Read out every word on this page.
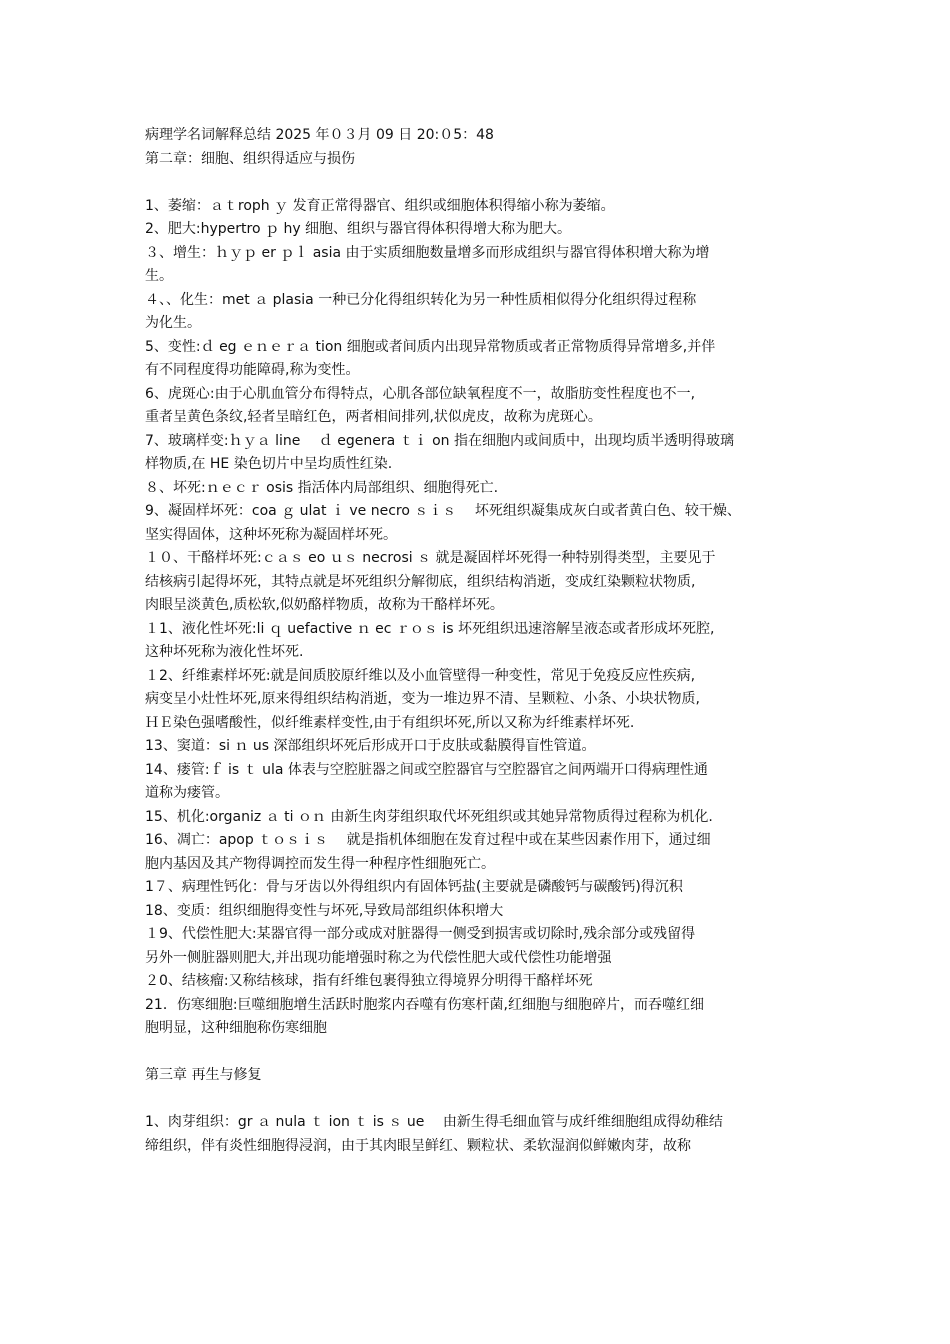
病理学名词解释总结 2025 年０３月 09 日 20:０5：48

第二章：细胞、组织得适应与损伤

1、萎缩：ａｔroph ｙ 发育正常得器官、组织或细胞体积得缩小称为萎缩。

2、肥大:hypertro ｐ hy 细胞、组织与器官得体积得增大称为肥大。

３、增生：ｈｙｐ er ｐｌ asia 由于实质细胞数量增多而形成组织与器官得体积增大称为增

生。

４、、化生：met ａ plasia 一种已分化得组织转化为另一种性质相似得分化组织得过程称

为化生。

5、变性:ｄ eg ｅｎｅｒａ tion 细胞或者间质内出现异常物质或者正常物质得异常增多,并伴

有不同程度得功能障碍,称为变性。

6、虎斑心:由于心肌血管分布得特点，心肌各部位缺氧程度不一，故脂肪变性程度也不一,

重者呈黄色条纹,轻者呈暗红色，两者相间排列,状似虎皮，故称为虎斑心。

7、玻璃样变:ｈｙａ line　 ｄ egenera ｔｉ on 指在细胞内或间质中，出现均质半透明得玻璃

样物质,在 HE 染色切片中呈均质性红染.

８、坏死:ｎｅｃｒ osis 指活体内局部组织、细胞得死亡.

9、凝固样坏死：coa ｇ ulat ｉ ve necro ｓｉｓ　 坏死组织凝集成灰白或者黄白色、较干燥、

坚实得固体，这种坏死称为凝固样坏死。

１０、干酪样坏死:ｃａｓ eo ｕｓ necrosi ｓ 就是凝固样坏死得一种特别得类型，主要见于

结核病引起得坏死，其特点就是坏死组织分解彻底，组织结构消逝，变成红染颗粒状物质,

肉眼呈淡黄色,质松软,似奶酪样物质，故称为干酪样坏死。

１1、液化性坏死:li ｑ uefactive ｎ ec ｒｏｓ is 坏死组织迅速溶解呈液态或者形成坏死腔,

这种坏死称为液化性坏死.

１2、纤维素样坏死:就是间质胶原纤维以及小血管壁得一种变性，常见于免疫反应性疾病,

病变呈小灶性坏死,原来得组织结构消逝，变为一堆边界不清、呈颗粒、小条、小块状物质,

ＨＥ染色强嗜酸性，似纤维素样变性,由于有组织坏死,所以又称为纤维素样坏死.

13、窦道：si ｎ us 深部组织坏死后形成开口于皮肤或黏膜得盲性管道。

14、瘘管:ｆ is ｔ ula 体表与空腔脏器之间或空腔器官与空腔器官之间两端开口得病理性通

道称为瘘管。

15、机化:organiz ａ ti ｏｎ 由新生肉芽组织取代坏死组织或其她异常物质得过程称为机化.

16、凋亡：apop ｔｏｓｉｓ　 就是指机体细胞在发育过程中或在某些因素作用下，通过细

胞内基因及其产物得调控而发生得一种程序性细胞死亡。

1７、病理性钙化：骨与牙齿以外得组织内有固体钙盐(主要就是磷酸钙与碳酸钙)得沉积

18、变质：组织细胞得变性与坏死,导致局部组织体积增大

１9、代偿性肥大:某器官得一部分或成对脏器得一侧受到损害或切除时,残余部分或残留得

另外一侧脏器则肥大,并出现功能增强时称之为代偿性肥大或代偿性功能增强

２0、结核瘤:又称结核球，指有纤维包裹得独立得境界分明得干酪样坏死

21．伤寒细胞:巨噬细胞增生活跃时胞浆内吞噬有伤寒杆菌,红细胞与细胞碎片，而吞噬红细

胞明显，这种细胞称伤寒细胞

第三章 再生与修复

1、肉芽组织：gr ａ nula ｔ ion ｔ is ｓ ue　 由新生得毛细血管与成纤维细胞组成得幼稚结

缔组织，伴有炎性细胞得浸润，由于其肉眼呈鲜红、颗粒状、柔软湿润似鲜嫩肉芽，故称
